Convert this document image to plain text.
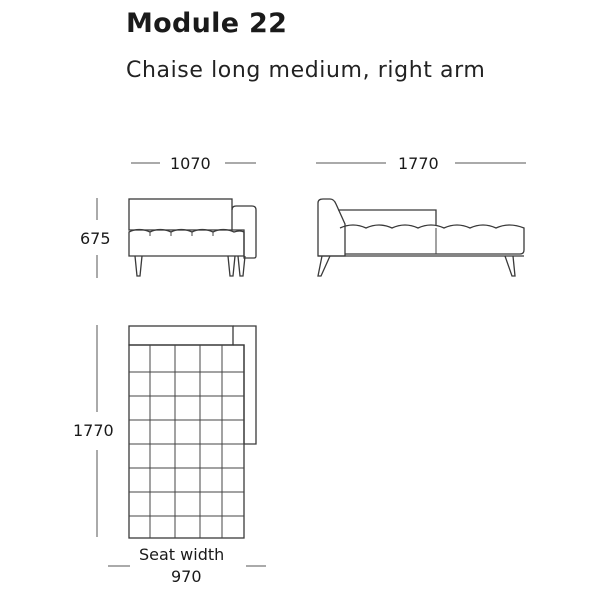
Module 22
Chaise long medium, right arm
1070	1770
675
1770
Seat width
970
